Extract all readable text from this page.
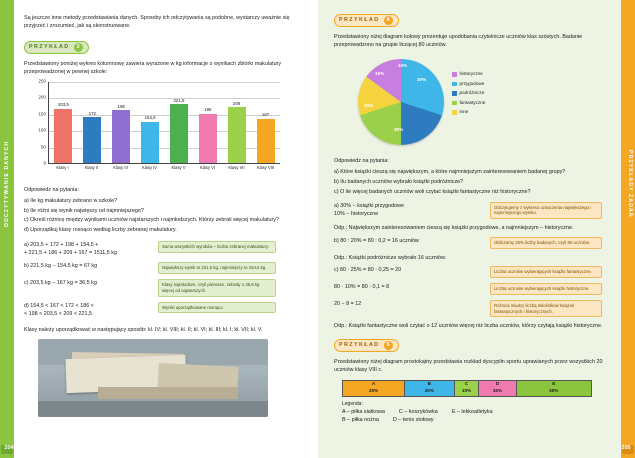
ODCZYTYWANIE DANYCH
204

Są jeszcze inne metody przedstawiania danych. Sposoby ich odczytywania są podobne, wystarczy uważnie się przyjrzeć i zrozumieć, jak są skonstruowane.

PRZYKŁAD	3

Przedstawiony poniżej wykres kolumnowy zawiera wyrażone w kg informacje o wynikach zbiórki makulatury przeprowadzonej w pewnej szkole:

0
50
100
150
200
250
203,5
172
198
154,5
221,5
186
209
167
Klasy I	Klasy II	Klasy III	Klasy IV	Klasy V	Klasy VI	Klasy VII	Klasy VIII

Odpowiedz na pytania:

a) Ile kg makulatury zebrano w szkole?
b) Ile róźni się wynik najwięszy od najmniejszego?
c) Określ różnicę między wynikami uczniów najstarszych i najmłodszych. Którzy zebrali więcej makulatury?
d) Uporządkuj klasy rosnąco według liczby zebranej makulatury.
a) 203,5 + 172 + 198 + 154,5 +
+ 221,5 + 186 + 209 + 167 = 1511,5 kg
Suma wszystkich wyników – liczba zebranej makulatury.
b) 221,5 kg − 154,5 kg = 67 kg	Największy wynik to 221,5 kg, najmniejszy to 154,5 kg.
c) 203,5 kg − 167 kg = 36,5 kg	Klasy najmłodsze, czyli pierwsze, zebrały o 36,5 kg więcej od najstarszych.
d) 154,5 < 167 < 172 < 186 <
< 198 < 203,5 < 209 < 221,5
Wyniki uporządkowane rosnąco.

Klasy należy uporządkować w następujący sposób: kl. IV; kl. VIII; kl. II; kl. VI; kl. III; kl. I; kl. VII; kl. V.

PRZYKŁADY ZADAŃ
205
PRZYKŁAD	4

Przedstawiony niżej diagram kołowy prezentuje upodobania czytelnicze uczniów klas szóstych. Badanie przeprowadzono na grupie liczącej 80 uczniów.

30%
20%
25%
15%
10%
historyczne
przygodowe
podróżnicze
fantastyczne
inne

Odpowiedz na pytania:

a) Które książki cieszą się największym, a które najmniejszym zainteresowaniem badanej grupy?
b) Ilu badanych uczniów wybrało książki podróżnicze?
c) O ile więcej badanych uczniów woli czytać książki fantastyczne niż historyczne?
a) 30% − książki przygodowe
10% − historyczne
Odczytujemy z wykresu oznaczenia największego i najmniejszego wyniku.
Odp.: Największym zainteresowaniem cieszą się książki przygodowe, a najmniejszym – historyczne.
b) 80 : 20% = 80 : 0,2 = 16 uczniów	Obliczamy 20% liczby badanych, czyli 80 uczniów.
Odp.: Książki podróżnicze wybrało 16 uczniów.
c) 80 · 25% = 80 · 0,25 = 20	Liczba uczniów wybierających książki fantastyczne.
80 · 10% = 80 · 0,1 = 8	Liczba uczniów wybierających książki historyczne.
20 − 8 = 12	Różnica między liczbą miłośników książek fantastycznych i historycznych.
Odp.: Książki fantastyczne woli czytać o 12 uczniów więcej niż liczba uczniów, którzy czytają książki historyczne.
PRZYKŁAD	5

Przedstawiony niżej diagram prostokątny przedstawia rozkład dyscyplin sportu uprawianych przez wszystkich 20 uczniów klasy VIII c.

A
25%
B
20%
C
10%
D
15%
E
30%
Legenda:
A – piłka siatkowa	C – koszykówka	E – lekkoatletyka
B – piłka nożna	D – tenis stołowy
